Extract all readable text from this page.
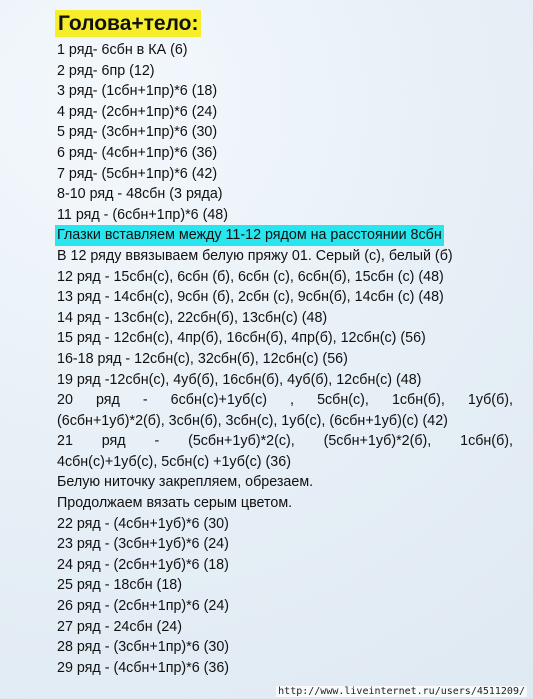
Голова+тело:
1 ряд- 6сбн в КА (6)
2 ряд- 6пр (12)
3 ряд- (1сбн+1пр)*6 (18)
4 ряд- (2сбн+1пр)*6 (24)
5 ряд- (3сбн+1пр)*6 (30)
6 ряд- (4сбн+1пр)*6 (36)
7 ряд- (5сбн+1пр)*6 (42)
8-10 ряд - 48сбн (3 ряда)
11 ряд - (6сбн+1пр)*6 (48)
Глазки вставляем между 11-12 рядом на расстоянии 8сбн
В 12 ряду ввязываем белую пряжу 01. Серый (с), белый (б)
12 ряд - 15сбн(с), 6сбн (б), 6сбн (с), 6сбн(б), 15сбн (с) (48)
13 ряд - 14сбн(с), 9сбн (б), 2сбн (с), 9сбн(б), 14сбн (с) (48)
14 ряд - 13сбн(с), 22сбн(б), 13сбн(с) (48)
15 ряд - 12сбн(с), 4пр(б), 16сбн(б), 4пр(б), 12сбн(с) (56)
16-18 ряд - 12сбн(с), 32сбн(б), 12сбн(с) (56)
19 ряд -12сбн(с), 4уб(б), 16сбн(б), 4уб(б), 12сбн(с) (48)
20 ряд - 6сбн(с)+1уб(с) , 5сбн(с), 1сбн(б), 1уб(б),
(6сбн+1уб)*2(б), 3сбн(б), 3сбн(с), 1уб(с), (6сбн+1уб)(с) (42)
21 ряд - (5сбн+1уб)*2(с), (5сбн+1уб)*2(б), 1сбн(б),
4сбн(с)+1уб(с), 5сбн(с) +1уб(с) (36)
Белую ниточку закрепляем, обрезаем.
Продолжаем вязать серым цветом.
22 ряд - (4сбн+1уб)*6 (30)
23 ряд - (3сбн+1уб)*6 (24)
24 ряд - (2сбн+1уб)*6 (18)
25 ряд - 18сбн (18)
26 ряд - (2сбн+1пр)*6 (24)
27 ряд - 24сбн (24)
28 ряд - (3сбн+1пр)*6 (30)
29 ряд - (4сбн+1пр)*6 (36)
http://www.liveinternet.ru/users/4511209/
